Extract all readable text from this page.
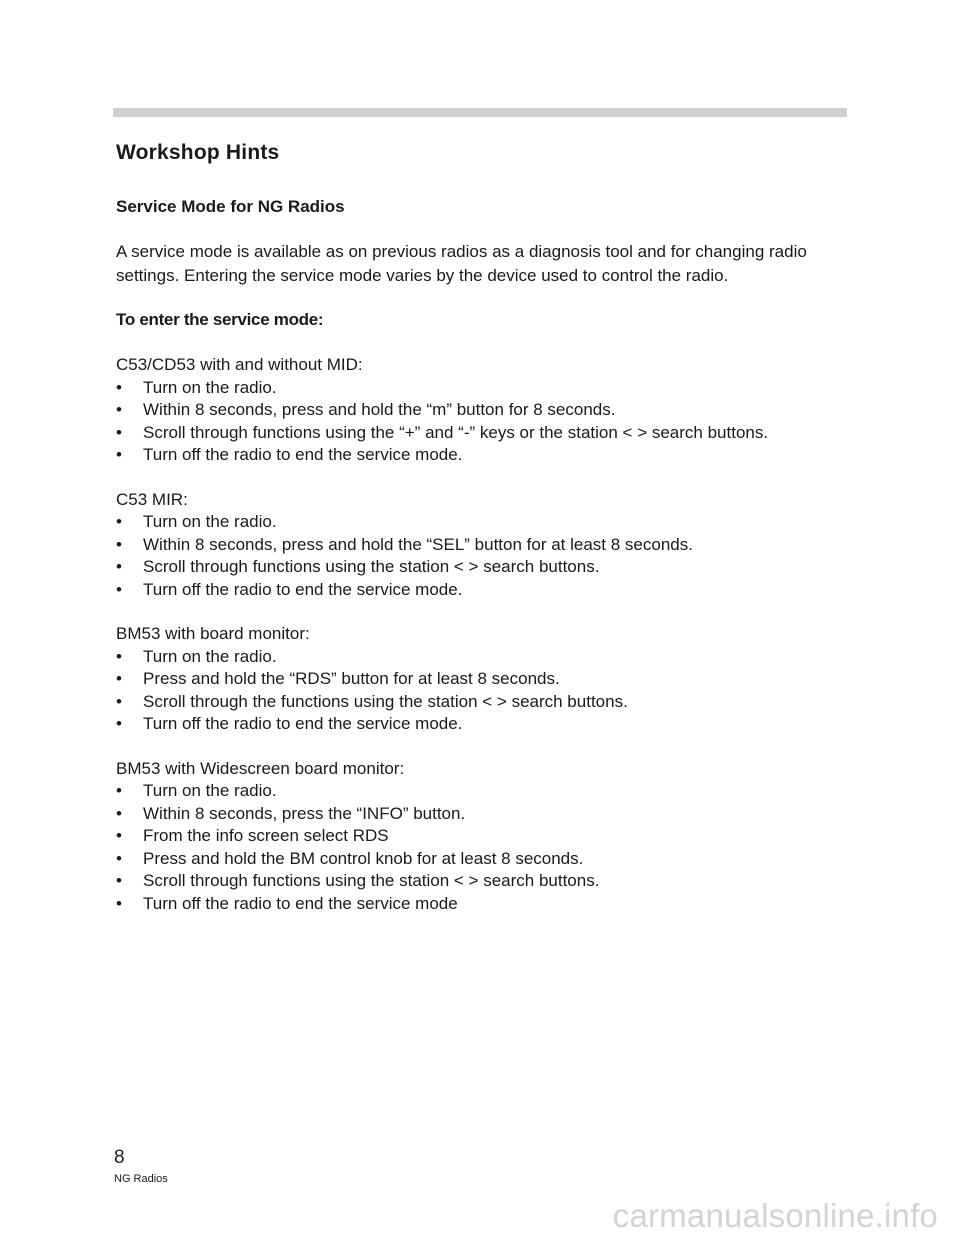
Workshop Hints
Service Mode for NG Radios

A service mode is available as on previous radios as a diagnosis tool and for changing radio settings. Entering the service mode varies by the device used to control the radio.

To enter the service mode:

C53/CD53 with and without MID:

• Turn on the radio.
• Within 8 seconds, press and hold the “m” button for 8 seconds.
• Scroll through functions using the “+” and “-” keys or the station < > search buttons.
• Turn off the radio to end the service mode.

C53 MIR:

• Turn on the radio.
• Within 8 seconds, press and hold the “SEL” button for at least 8 seconds.
• Scroll through functions using the station < > search buttons.
• Turn off the radio to end the service mode.

BM53 with board monitor:

• Turn on the radio.
• Press and hold the “RDS” button for at least 8 seconds.
• Scroll through the functions using the station < > search buttons.
• Turn off the radio to end the service mode.

BM53 with Widescreen board monitor:

• Turn on the radio.
• Within 8 seconds, press the “INFO” button.
• From the info screen select RDS
• Press and hold the BM control knob for at least 8 seconds.
• Scroll through functions using the station < > search buttons.
• Turn off the radio to end the service mode
8
NG Radios
carmanualsonline.info
